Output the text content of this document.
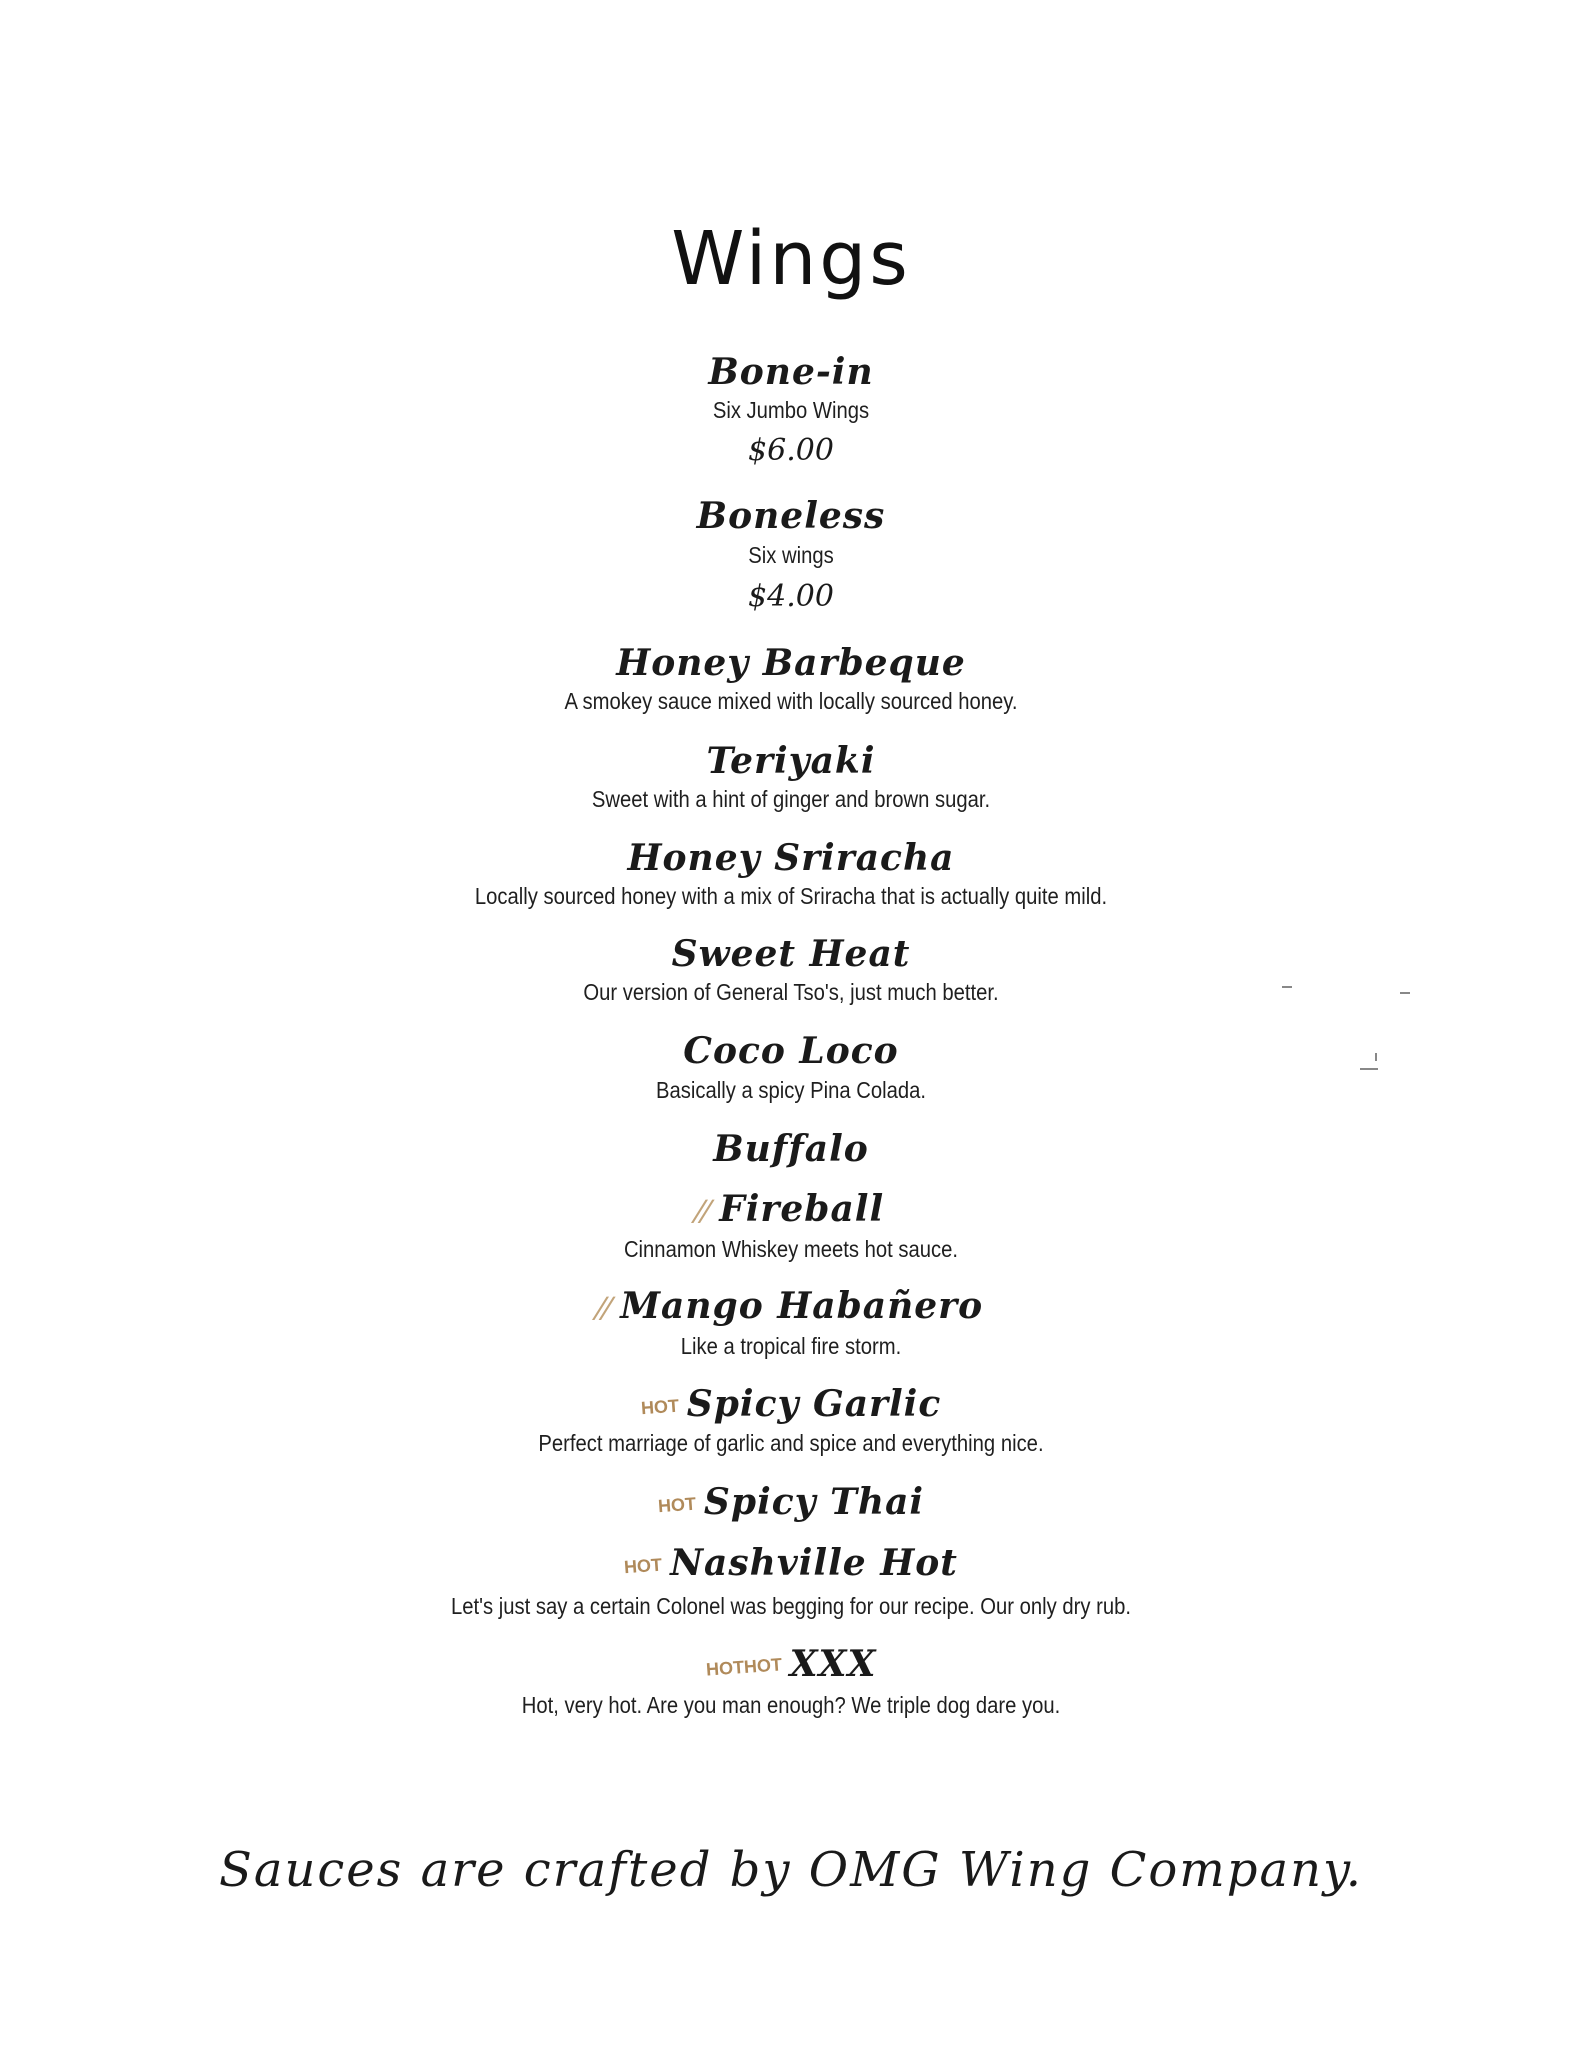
Wings
Bone-in
Six Jumbo Wings
$6.00
Boneless
Six wings
$4.00
Honey Barbeque
A smokey sauce mixed with locally sourced honey.
Teriyaki
Sweet with a hint of ginger and brown sugar.
Honey Sriracha
Locally sourced honey with a mix of Sriracha that is actually quite mild.
Sweet Heat
Our version of General Tso's, just much better.
Coco Loco
Basically a spicy Pina Colada.
Buffalo
∕∕ Fireball
Cinnamon Whiskey meets hot sauce.
∕∕ Mango Habañero
Like a tropical fire storm.
HOT Spicy Garlic
Perfect marriage of garlic and spice and everything nice.
HOT Spicy Thai
HOT Nashville Hot
Let's just say a certain Colonel was begging for our recipe. Our only dry rub.
HOTHOT XXX
Hot, very hot. Are you man enough? We triple dog dare you.
Sauces are crafted by OMG Wing Company.
